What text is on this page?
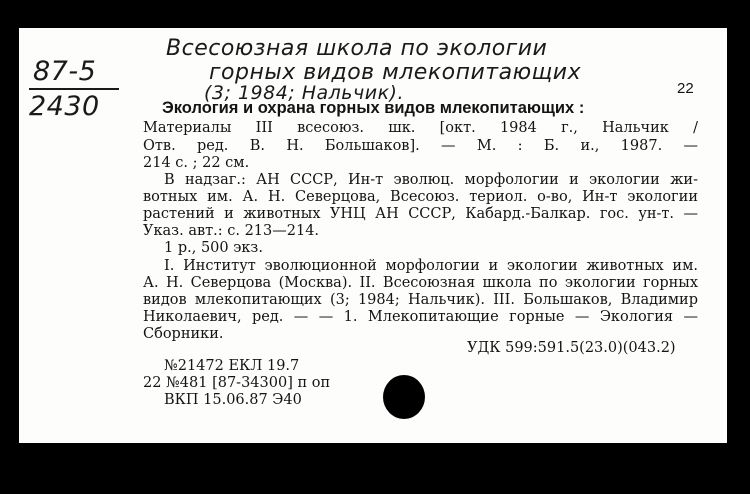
87-5
2430
Всесоюзная школа по экологии
горных видов млекопитающих
(3; 1984; Нальчик).	22
Экология и охрана горных видов млекопитающих :
Материалы III всесоюз. шк. [окт. 1984 г., Нальчик /
Отв. ред. В. Н. Большаков]. — М. : Б. и., 1987. —
214 с. ; 22 см.
В надзаг.: АН СССР, Ин-т эволюц. морфологии и экологии жи-
вотных им. А. Н. Северцова, Всесоюз. териол. о-во, Ин-т экологии
растений и животных УНЦ АН СССР, Кабард.-Балкар. гос. ун-т. —
Указ. авт.: с. 213—214.
1 р., 500 экз.
I. Институт эволюционной морфологии и экологии животных им.
А. Н. Северцова (Москва). II. Всесоюзная школа по экологии горных
видов млекопитающих (3; 1984; Нальчик). III. Большаков, Владимир
Николаевич, ред. — — 1. Млекопитающие горные — Экология —
Сборники.
УДК 599:591.5(23.0)(043.2)
№21472 ЕКЛ 19.7
22 №481 [87-34300] п оп
ВКП 15.06.87 Э40
